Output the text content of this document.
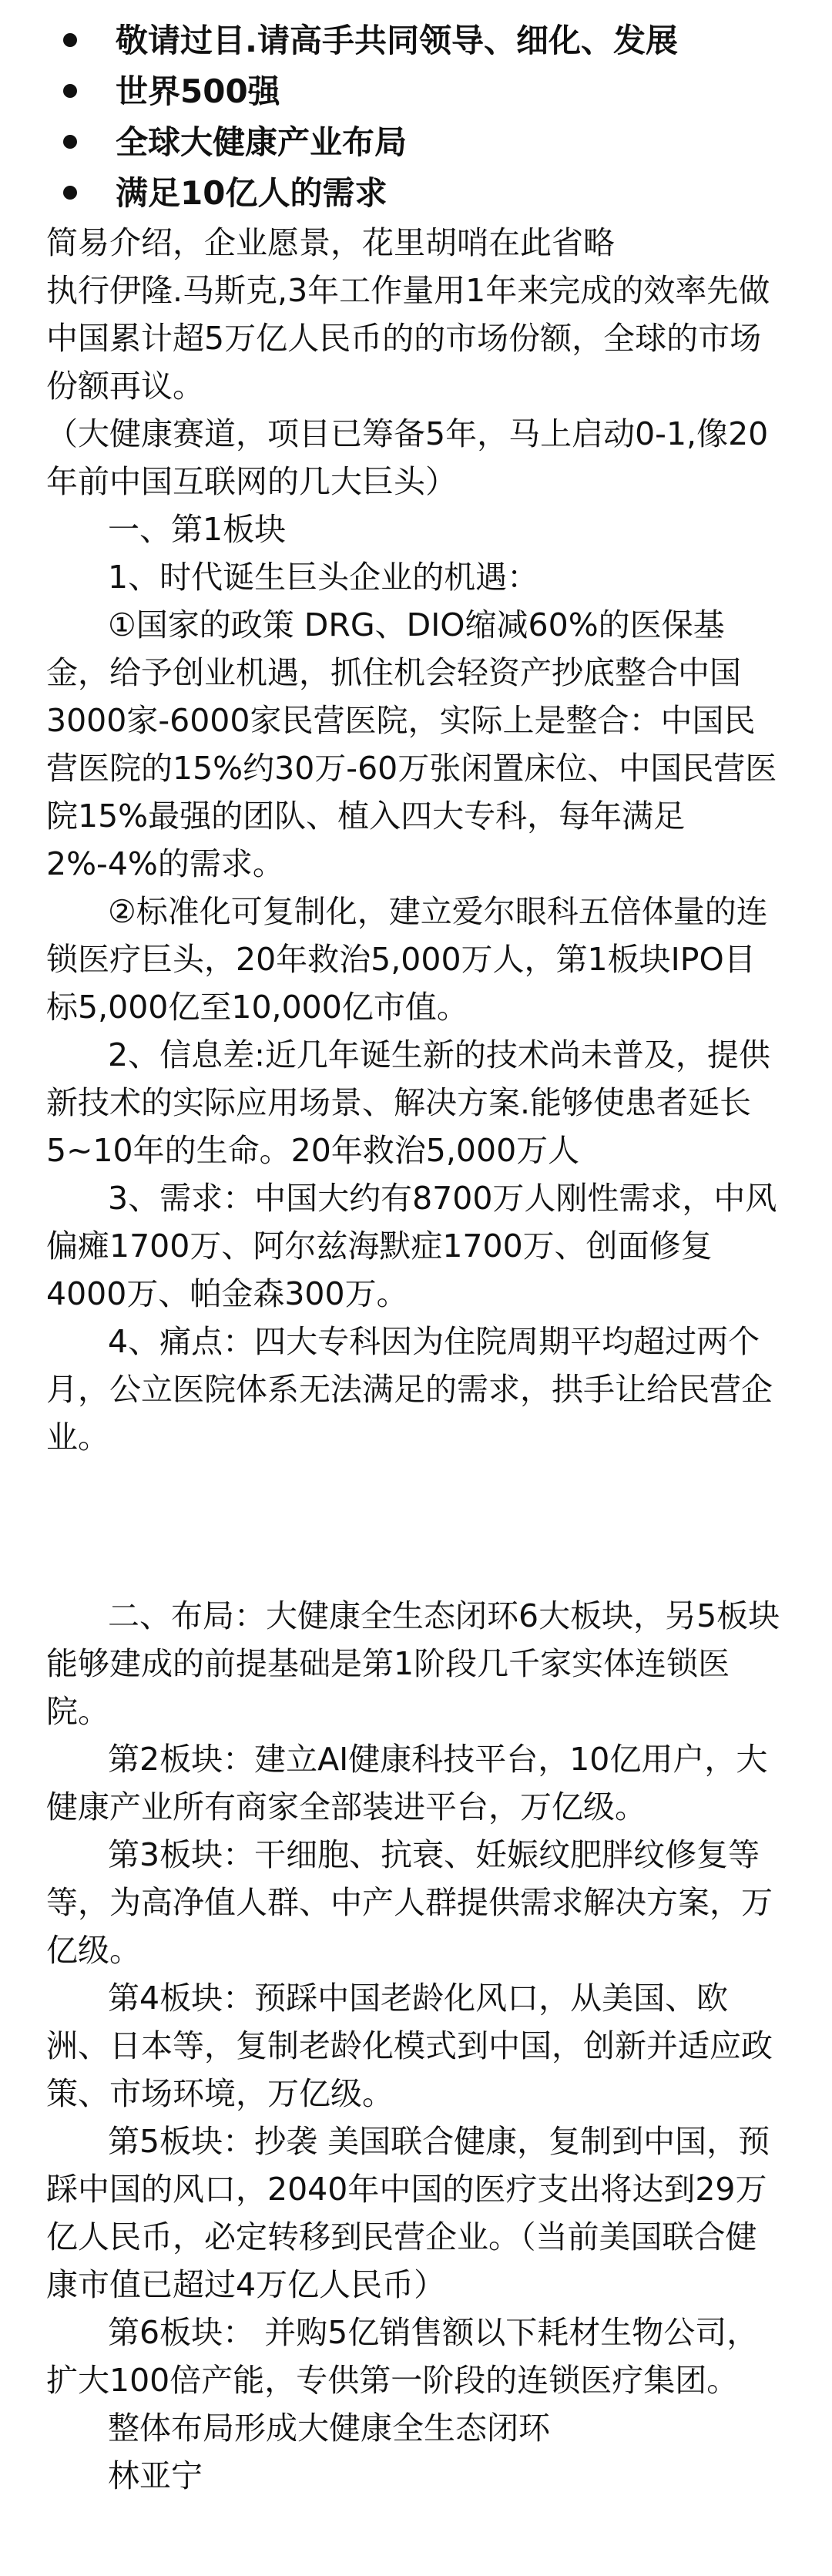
敬请过目.请高手共同领导、细化、发展
世界500强
全球大健康产业布局
满足10亿人的需求

简易介绍，企业愿景，花里胡哨在此省略

执行伊隆.马斯克,3年工作量用1年来完成的效率先做中国累计超5万亿人民币的的市场份额，全球的市场份额再议。

（大健康赛道，项目已筹备5年，马上启动0-1,像20年前中国互联网的几大巨头）

一、第1板块

1、时代诞生巨头企业的机遇：

①国家的政策 DRG、DIO缩减60%的医保基金，给予创业机遇，抓住机会轻资产抄底整合中国3000家-6000家民营医院，实际上是整合：中国民营医院的15%约30万-60万张闲置床位、中国民营医院15%最强的团队、植入四大专科，每年满足2%-4%的需求。

②标准化可复制化，建立爱尔眼科五倍体量的连锁医疗巨头，20年救治5,000万人，第1板块IPO目标5,000亿至10,000亿市值。

2、信息差:近几年诞生新的技术尚未普及，提供新技术的实际应用场景、解决方案.能够使患者延长5~10年的生命。20年救治5,000万人

3、需求：中国大约有8700万人刚性需求，中风偏瘫1700万、阿尔兹海默症1700万、创面修复4000万、帕金森300万。

4、痛点：四大专科因为住院周期平均超过两个月，公立医院体系无法满足的需求，拱手让给民营企业。

二、布局：大健康全生态闭环6大板块，另5板块能够建成的前提基础是第1阶段几千家实体连锁医院。

第2板块：建立AI健康科技平台，10亿用户，大健康产业所有商家全部装进平台，万亿级。

第3板块：干细胞、抗衰、妊娠纹肥胖纹修复等等，为高净值人群、中产人群提供需求解决方案，万亿级。

第4板块：预踩中国老龄化风口，从美国、欧洲、日本等，复制老龄化模式到中国，创新并适应政策、市场环境，万亿级。

第5板块：抄袭 美国联合健康，复制到中国，预踩中国的风口，2040年中国的医疗支出将达到29万亿人民币，必定转移到民营企业。（当前美国联合健康市值已超过4万亿人民币）

第6板块： 并购5亿销售额以下耗材生物公司，扩大100倍产能，专供第一阶段的连锁医疗集团。

整体布局形成大健康全生态闭环

林亚宁
